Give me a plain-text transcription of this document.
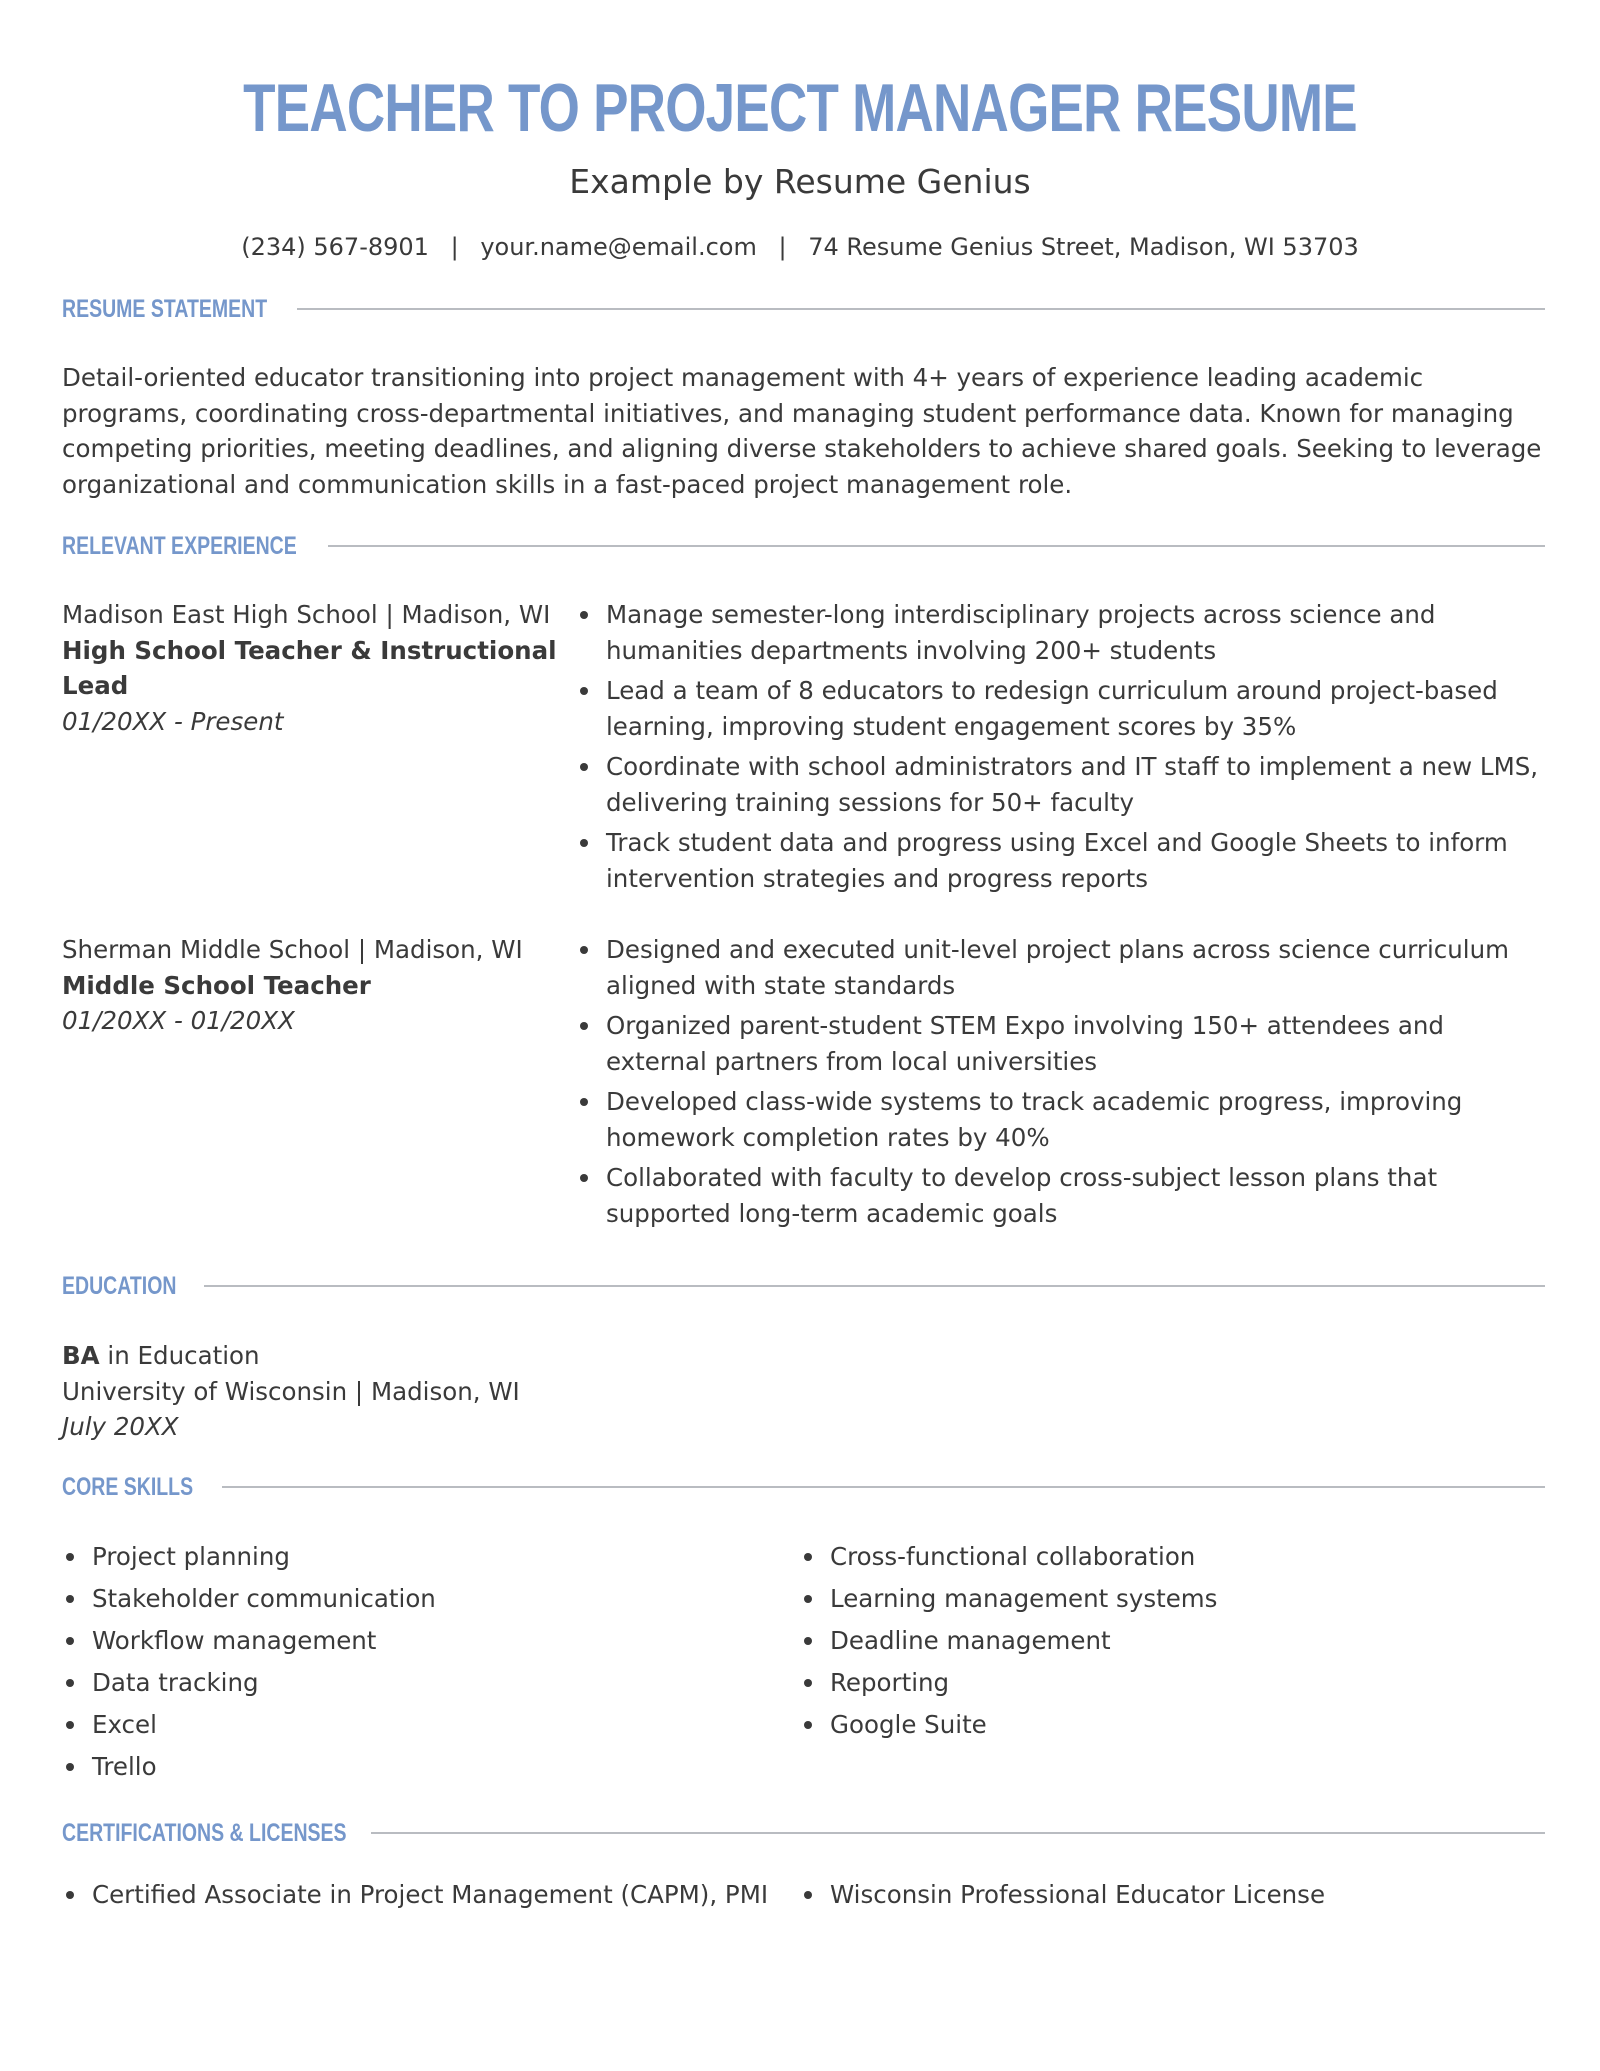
TEACHER TO PROJECT MANAGER RESUME
Example by Resume Genius
(234) 567-8901 | your.name@email.com | 74 Resume Genius Street, Madison, WI 53703
RESUME STATEMENT
Detail-oriented educator transitioning into project management with 4+ years of experience leading academic programs, coordinating cross-departmental initiatives, and managing student performance data. Known for managing competing priorities, meeting deadlines, and aligning diverse stakeholders to achieve shared goals. Seeking to leverage organizational and communication skills in a fast-paced project management role.
RELEVANT EXPERIENCE
Madison East High School | Madison, WI
High School Teacher & Instructional Lead
01/20XX - Present
Manage semester-long interdisciplinary projects across science and humanities departments involving 200+ students
Lead a team of 8 educators to redesign curriculum around project-based learning, improving student engagement scores by 35%
Coordinate with school administrators and IT staff to implement a new LMS, delivering training sessions for 50+ faculty
Track student data and progress using Excel and Google Sheets to inform intervention strategies and progress reports
Sherman Middle School | Madison, WI
Middle School Teacher
01/20XX - 01/20XX
Designed and executed unit-level project plans across science curriculum aligned with state standards
Organized parent-student STEM Expo involving 150+ attendees and external partners from local universities
Developed class-wide systems to track academic progress, improving homework completion rates by 40%
Collaborated with faculty to develop cross-subject lesson plans that supported long-term academic goals
EDUCATION
BA in Education
University of Wisconsin | Madison, WI
July 20XX
CORE SKILLS
Project planning
Stakeholder communication
Workflow management
Data tracking
Excel
Trello
Cross-functional collaboration
Learning management systems
Deadline management
Reporting
Google Suite
CERTIFICATIONS & LICENSES
Certified Associate in Project Management (CAPM), PMI	Wisconsin Professional Educator License
